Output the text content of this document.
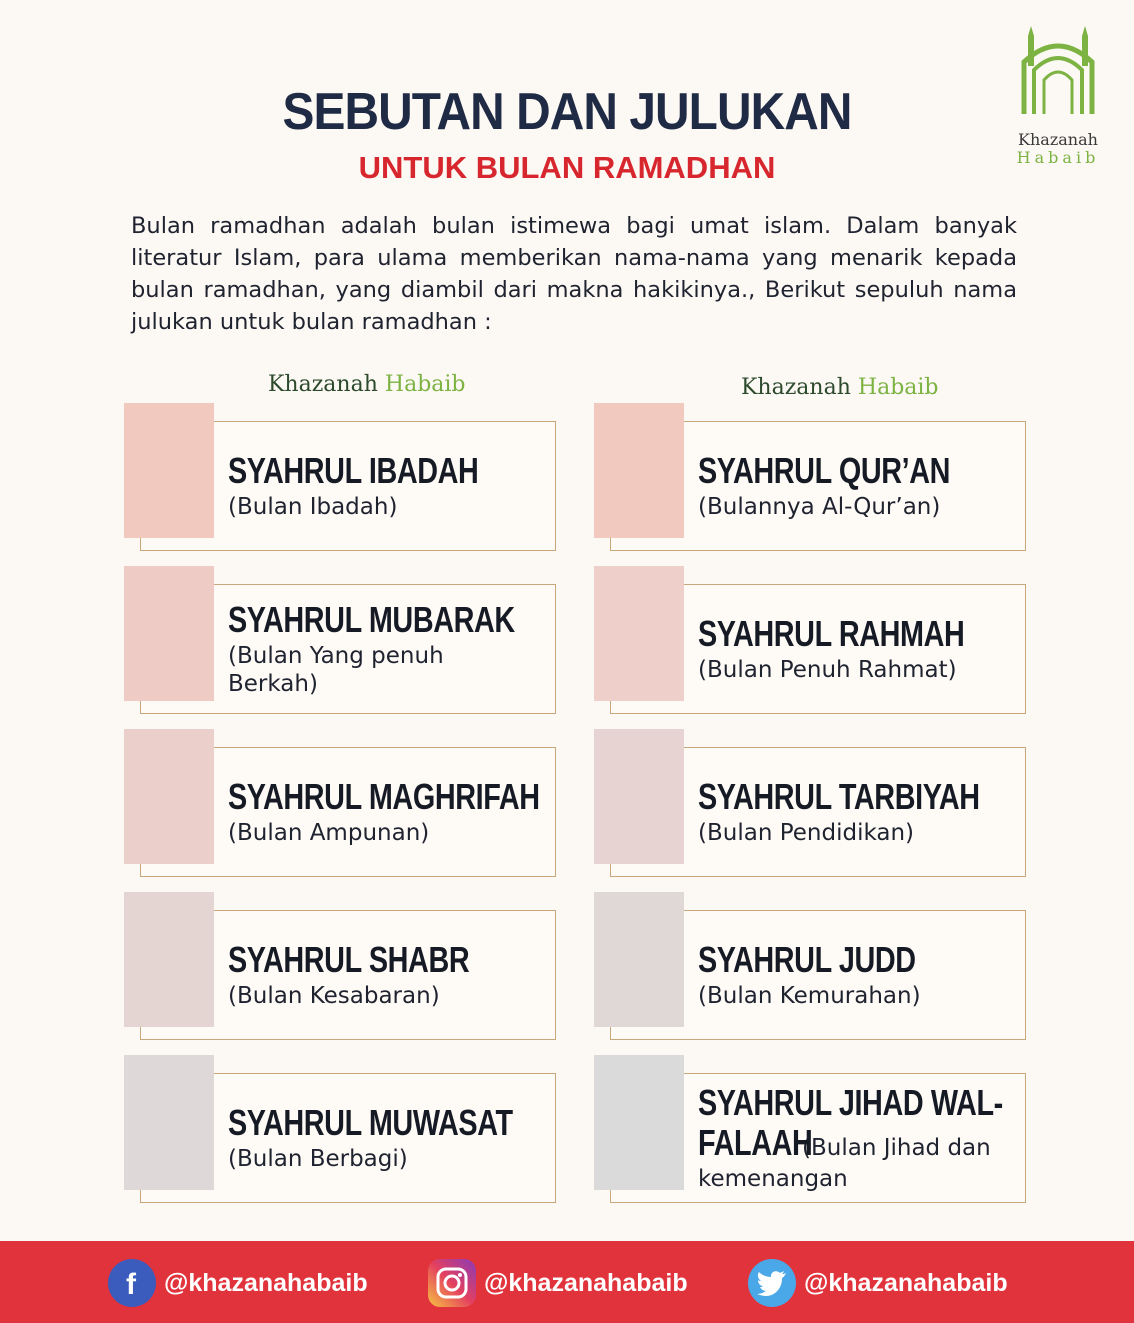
Khazanah
Habaib
SEBUTAN DAN JULUKAN
UNTUK BULAN RAMADHAN

Bulan ramadhan adalah bulan istimewa bagi umat islam. Dalam banyak literatur Islam, para ulama memberikan nama-nama yang menarik kepada bulan ramadhan, yang diambil dari makna hakikinya., Berikut sepuluh nama julukan untuk bulan ramadhan :

Khazanah Habaib	Khazanah Habaib
SYAHRUL IBADAH
(Bulan Ibadah)
SYAHRUL MUBARAK
(Bulan Yang penuh Berkah)
SYAHRUL MAGHRIFAH
(Bulan Ampunan)
SYAHRUL SHABR
(Bulan Kesabaran)
SYAHRUL MUWASAT
(Bulan Berbagi)
SYAHRUL QUR’AN
(Bulannya Al-Qur’an)
SYAHRUL RAHMAH
(Bulan Penuh Rahmat)
SYAHRUL TARBIYAH
(Bulan Pendidikan)
SYAHRUL JUDD
(Bulan Kemurahan)
SYAHRUL JIHAD WAL-
FALAAH
(Bulan Jihad dan
kemenangan
f @khazanahabaib	@khazanahabaib	@khazanahabaib
